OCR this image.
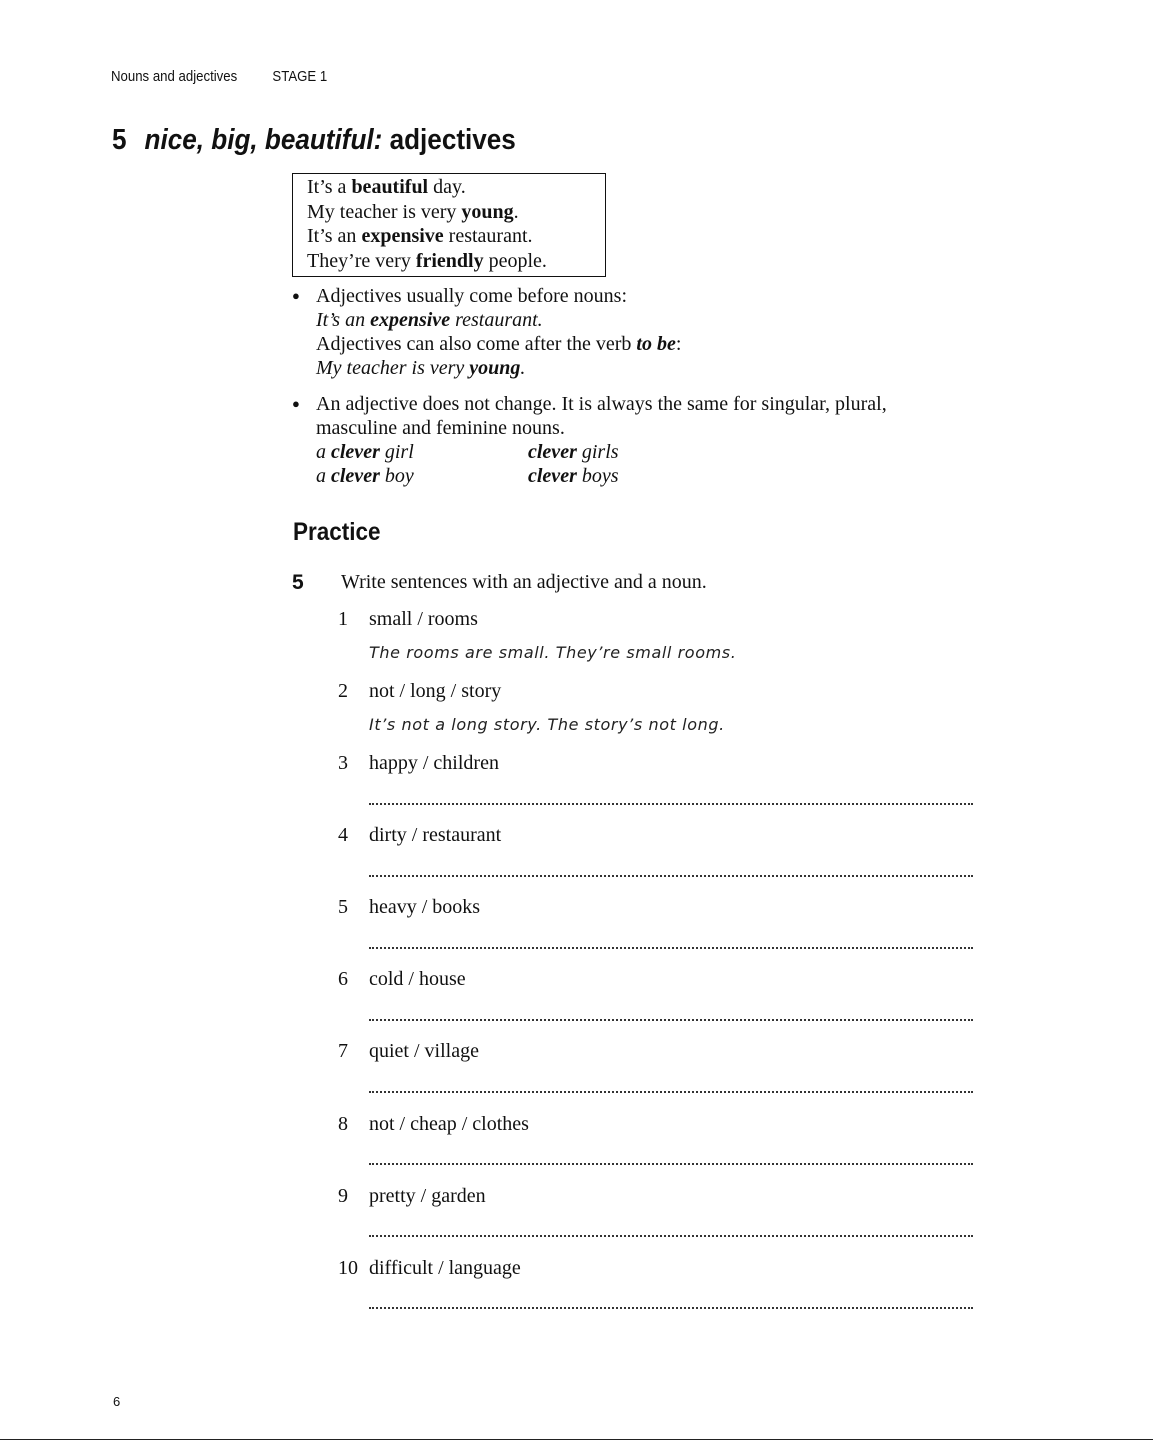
Nouns and adjectives STAGE 1
5 nice, big, beautiful: adjectives
It’s a beautiful day.
My teacher is very young.
It’s an expensive restaurant.
They’re very friendly people.
● Adjectives usually come before nouns:
It’s an expensive restaurant.
Adjectives can also come after the verb to be:
My teacher is very young.
● An adjective does not change. It is always the same for singular, plural,
masculine and feminine nouns.
a clever girl	clever girls
a clever boy	clever boys
Practice
5 Write sentences with an adjective and a noun.
1 small / rooms
The rooms are small. They’re small rooms.
2 not / long / story
It’s not a long story. The story’s not long.
3 happy / children
4 dirty / restaurant
5 heavy / books
6 cold / house
7 quiet / village
8 not / cheap / clothes
9 pretty / garden
10 difficult / language
6
